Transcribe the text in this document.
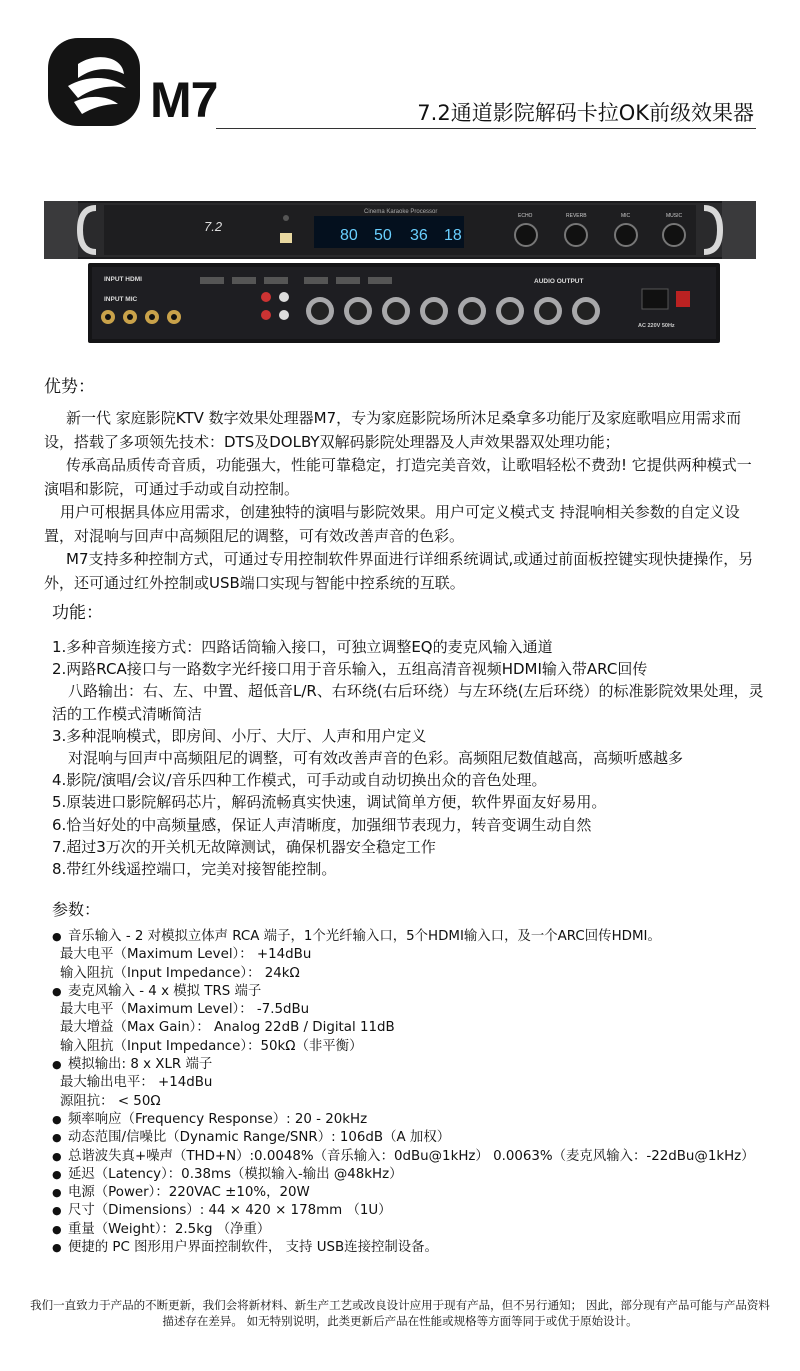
M7	7.2通道影院解码卡拉OK前级效果器
7.2
Cinema Karaoke Processor
80 50 36 18
ECHO	REVERB	MIC	MUSIC
INPUT HDMI
INPUT MIC
AUDIO OUTPUT
AC 220V 50Hz
优势：

新一代 家庭影院KTV 数字效果处理器M7，专为家庭影院场所沐足桑拿多功能厅及家庭歌唱应用需求而设，搭载了多项领先技术：DTS及DOLBY双解码影院处理器及人声效果器双处理功能；

传承高品质传奇音质，功能强大，性能可靠稳定，打造完美音效，让歌唱轻松不费劲! 它提供两种模式一演唱和影院，可通过手动或自动控制。

用户可根据具体应用需求，创建独特的演唱与影院效果。用户可定义模式支 持混响相关参数的自定义设置，对混响与回声中高频阻尼的调整，可有效改善声音的色彩。

M7支持多种控制方式，可通过专用控制软件界面进行详细系统调试,或通过前面板控键实现快捷操作，另外，还可通过红外控制或USB端口实现与智能中控系统的互联。

功能：

1.多种音频连接方式：四路话筒输入接口，可独立调整EQ的麦克风输入通道

2.两路RCA接口与一路数字光纤接口用于音乐输入，五组高清音视频HDMI输入带ARC回传

八路输出：右、左、中置、超低音L/R、右环绕(右后环绕）与左环绕(左后环绕）的标准影院效果处理，灵活的工作模式清晰简洁

3.多种混响模式，即房间、小厅、大厅、人声和用户定义

对混响与回声中高频阻尼的调整，可有效改善声音的色彩。高频阻尼数值越高，高频听感越多

4.影院/演唱/会议/音乐四种工作模式，可手动或自动切换出众的音色处理。

5.原装进口影院解码芯片，解码流畅真实快速，调试简单方便，软件界面友好易用。

6.恰当好处的中高频量感，保证人声清晰度，加强细节表现力，转音变调生动自然

7.超过3万次的开关机无故障测试，确保机器安全稳定工作

8.带红外线遥控端口，完美对接智能控制。

参数：

● 音乐输入 - 2 对模拟立体声 RCA 端子，1个光纤输入口，5个HDMI输入口，及一个ARC回传HDMI。

最大电平（Maximum Level）： +14dBu

输入阻抗（Input Impedance）： 24kΩ

● 麦克风输入 - 4 x 模拟 TRS 端子

最大电平（Maximum Level）： -7.5dBu

最大增益（Max Gain）： Analog 22dB / Digital 11dB

输入阻抗（Input Impedance）：50kΩ（非平衡）

● 模拟输出: 8 x XLR 端子

最大输出电平： +14dBu

源阻抗： < 50Ω

● 频率响应（Frequency Response）: 20 - 20kHz

● 动态范围/信噪比（Dynamic Range/SNR）: 106dB（A 加权）

● 总谐波失真+噪声（THD+N）:0.0048%（音乐输入：0dBu@1kHz） 0.0063%（麦克风输入：-22dBu@1kHz）

● 延迟（Latency）：0.38ms（模拟输入-输出 @48kHz）

● 电源（Power）：220VAC ±10%，20W

● 尺寸（Dimensions）: 44 × 420 × 178mm （1U）

● 重量（Weight）：2.5kg （净重）

● 便捷的 PC 图形用户界面控制软件， 支持 USB连接控制设备。

我们一直致力于产品的不断更新，我们会将新材料、新生产工艺或改良设计应用于现有产品，但不另行通知； 因此，部分现有产品可能与产品资料描述存在差异。 如无特别说明，此类更新后产品在性能或规格等方面等同于或优于原始设计。
